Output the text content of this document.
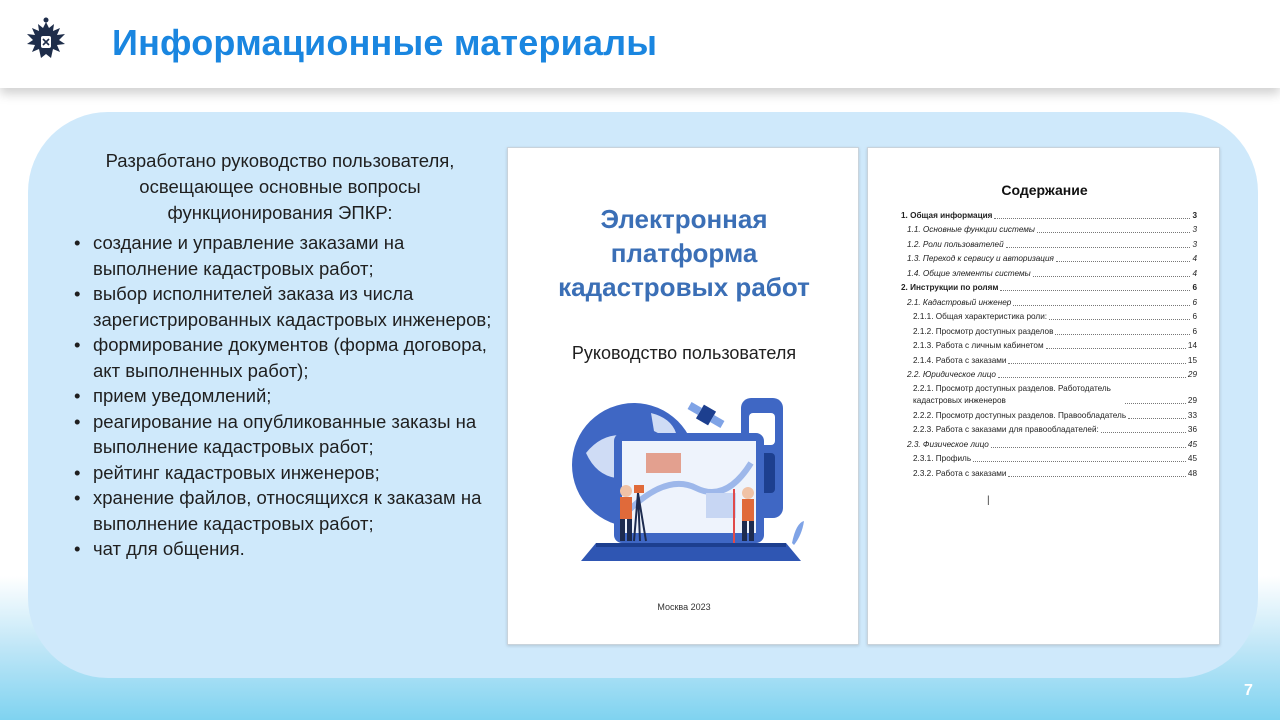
Информационные материалы
Разработано руководство пользователя, освещающее основные вопросы функционирования ЭПКР:
• создание и управление заказами на выполнение кадастровых работ;
• выбор исполнителей заказа из числа зарегистрированных кадастровых инженеров;
• формирование документов (форма договора, акт выполненных работ);
• прием уведомлений;
• реагирование на опубликованные заказы на выполнение кадастровых работ;
• рейтинг кадастровых инженеров;
• хранение файлов, относящихся к заказам на выполнение кадастровых работ;
• чат для общения.
Электронная
платформа
кадастровых работ
Руководство пользователя
Москва 2023
Содержание
1. Общая информация	3
1.1. Основные функции системы	3
1.2. Роли пользователей	3
1.3. Переход к сервису и авторизация	4
1.4. Общие элементы системы	4
2. Инструкции по ролям	6
2.1. Кадастровый инженер	6
2.1.1. Общая характеристика роли:	6
2.1.2. Просмотр доступных разделов	6
2.1.3. Работа с личным кабинетом	14
2.1.4. Работа с заказами	15
2.2. Юридическое лицо	29
2.2.1. Просмотр доступных разделов. Работодатель кадастровых инженеров	29
2.2.2. Просмотр доступных разделов. Правообладатель	33
2.2.3. Работа с заказами для правообладателей:	36
2.3. Физическое лицо	45
2.3.1. Профиль	45
2.3.2. Работа с заказами	48
|
7
